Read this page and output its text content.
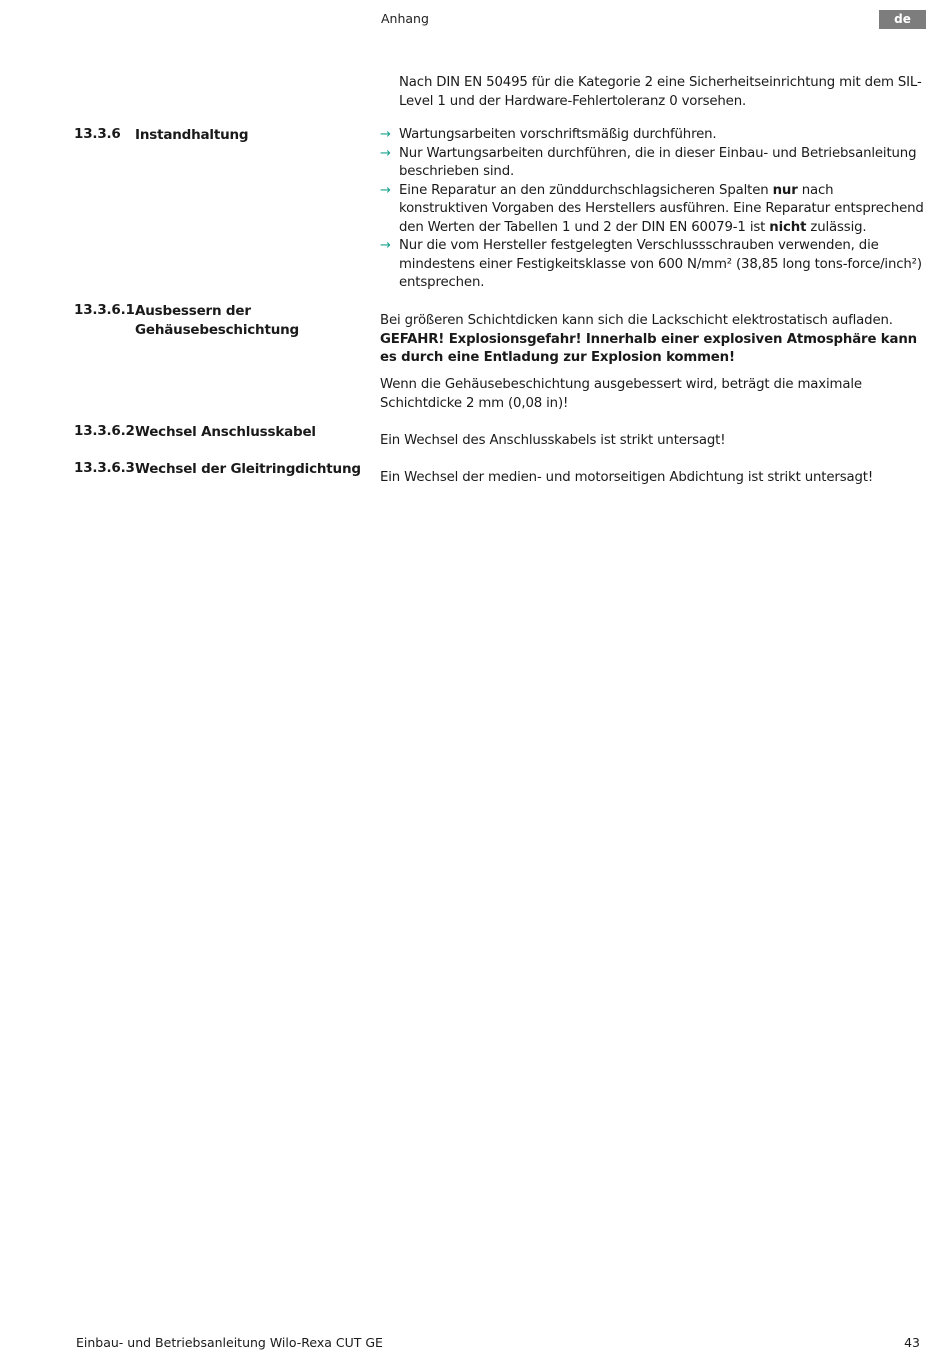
Anhang	de
Nach DIN EN 50495 für die Kategorie 2 eine Sicherheitseinrichtung mit dem SIL-Level 1 und der Hardware-Fehlertoleranz 0 vorsehen.
13.3.6 Instandhaltung	→ Wartungsarbeiten vorschriftsmäßig durchführen.
→ Nur Wartungsarbeiten durchführen, die in dieser Einbau- und Betriebsanleitung beschrieben sind.
→ Eine Reparatur an den zünddurchschlagsicheren Spalten nur nach konstruktiven Vorgaben des Herstellers ausführen. Eine Reparatur entsprechend den Werten der Tabellen 1 und 2 der DIN EN 60079-1 ist nicht zulässig.
→ Nur die vom Hersteller festgelegten Verschlussschrauben verwenden, die mindestens einer Festigkeitsklasse von 600 N/mm² (38,85 long tons-force/inch²) entsprechen.
13.3.6.1 Ausbessern der Gehäusebeschichtung
Bei größeren Schichtdicken kann sich die Lackschicht elektrostatisch aufladen. GEFAHR! Explosionsgefahr! Innerhalb einer explosiven Atmosphäre kann es durch eine Entladung zur Explosion kommen!
Wenn die Gehäusebeschichtung ausgebessert wird, beträgt die maximale Schichtdicke 2 mm (0,08 in)!
13.3.6.2 Wechsel Anschlusskabel
Ein Wechsel des Anschlusskabels ist strikt untersagt!
13.3.6.3 Wechsel der Gleitringdichtung
Ein Wechsel der medien- und motorseitigen Abdichtung ist strikt untersagt!
Einbau- und Betriebsanleitung Wilo-Rexa CUT GE	43
